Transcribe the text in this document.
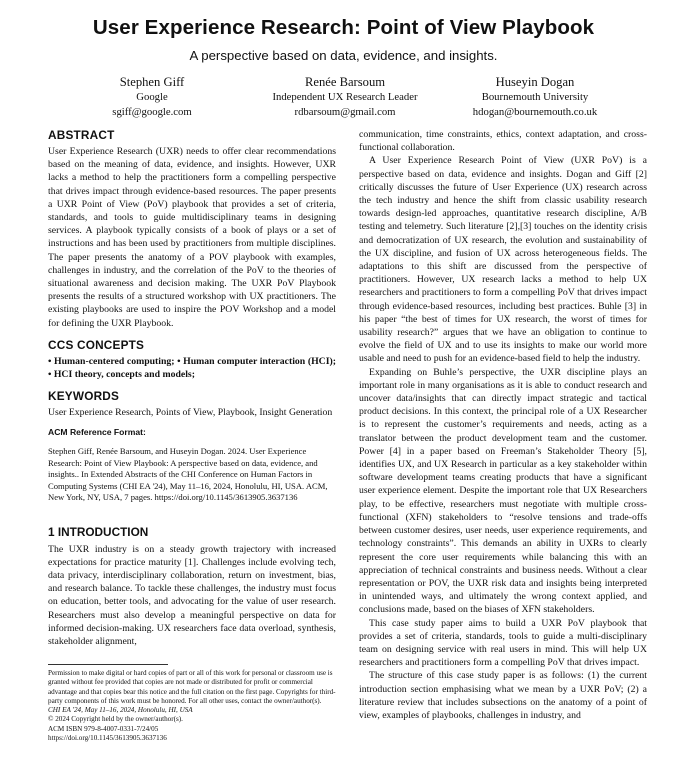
User Experience Research: Point of View Playbook
A perspective based on data, evidence, and insights.
Stephen Giff
Google
sgiff@google.com
Renée Barsoum
Independent UX Research Leader
rdbarsoum@gmail.com
Huseyin Dogan
Bournemouth University
hdogan@bournemouth.co.uk
ABSTRACT

User Experience Research (UXR) needs to offer clear recommendations based on the meaning of data, evidence, and insights. However, UXR lacks a method to help the practitioners form a compelling perspective that drives impact through evidence-based resources. The paper presents a UXR Point of View (PoV) playbook that provides a set of criteria, standards, and tools to guide multidisciplinary teams in designing services. A playbook typically consists of a book of plays or a set of instructions and has been used by practitioners from multiple disciplines. The paper presents the anatomy of a POV playbook with examples, challenges in industry, and the correlation of the PoV to the theories of situational awareness and decision making. The UXR PoV Playbook presents the results of a structured workshop with UX practitioners. The existing playbooks are used to inspire the POV Workshop and a model for defining the UXR Playbook.

CCS CONCEPTS

• Human-centered computing; • Human computer interaction (HCI); • HCI theory, concepts and models;

KEYWORDS

User Experience Research, Points of View, Playbook, Insight Generation

ACM Reference Format:

Stephen Giff, Renée Barsoum, and Huseyin Dogan. 2024. User Experience Research: Point of View Playbook: A perspective based on data, evidence, and insights.. In Extended Abstracts of the CHI Conference on Human Factors in Computing Systems (CHI EA '24), May 11–16, 2024, Honolulu, HI, USA. ACM, New York, NY, USA, 7 pages. https://doi.org/10.1145/3613905.3637136

1 INTRODUCTION

The UXR industry is on a steady growth trajectory with increased expectations for practice maturity [1]. Challenges include evolving tech, data privacy, interdisciplinary collaboration, return on investment, bias, and research balance. To tackle these challenges, the industry must focus on education, better tools, and advocating for the value of user research. Researchers must also develop a meaningful perspective on data for informed decision-making. UX researchers face data overload, synthesis, stakeholder alignment,

Permission to make digital or hard copies of part or all of this work for personal or classroom use is granted without fee provided that copies are not made or distributed for profit or commercial advantage and that copies bear this notice and the full citation on the first page. Copyrights for third-party components of this work must be honored. For all other uses, contact the owner/author(s).
CHI EA '24, May 11–16, 2024, Honolulu, HI, USA
© 2024 Copyright held by the owner/author(s).
ACM ISBN 979-8-4007-0331-7/24/05
https://doi.org/10.1145/3613905.3637136

communication, time constraints, ethics, context adaptation, and cross-functional collaboration.

A User Experience Research Point of View (UXR PoV) is a perspective based on data, evidence and insights. Dogan and Giff [2] critically discusses the future of User Experience (UX) research across the tech industry and hence the shift from classic usability research towards design-led approaches, quantitative research discipline, A/B testing and telemetry. Such literature [2],[3] touches on the identity crisis and democratization of UX research, the evolution and sustainability of the UX discipline, and fusion of UX across heterogeneous fields. The adaptations to this shift are discussed from the perspective of practitioners. However, UX research lacks a method to help UX researchers and practitioners to form a compelling PoV that drives impact through evidence-based resources, including best practices. Buhle [3] in his paper “the best of times for UX research, the worst of times for usability research?” argues that we have an obligation to continue to evolve the field of UX and to use its insights to make our world more usable and need to push for an evidence-based field to help the industry.

Expanding on Buhle’s perspective, the UXR discipline plays an important role in many organisations as it is able to conduct research and uncover data/insights that can directly impact strategic and tactical product decisions. In this context, the principal role of a UX Researcher is to represent the customer’s requirements and needs, acting as a translator between the product development team and the customer. Power [4] in a paper based on Freeman’s Stakeholder Theory [5], identifies UX, and UX Research in particular as a key stakeholder within software development teams creating products that have a significant user experience element. Despite the important role that UX Researchers play, to be effective, researchers must negotiate with multiple cross-functional (XFN) stakeholders to “resolve tensions and trade-offs between customer desires, user needs, user experience requirements, and technology constraints”. This demands an ability in UXRs to clearly represent the core user requirements while balancing this with an appreciation of technical constraints and business needs. Without a clear representation or POV, the UXR risk data and insights being interpreted in unintended ways, and ultimately the wrong context applied, and conclusions made, based on the biases of XFN stakeholders.

This case study paper aims to build a UXR PoV playbook that provides a set of criteria, standards, tools to guide a multi-disciplinary team on designing service with real users in mind. This will help UX researchers and practitioners form a compelling PoV that drives impact.

The structure of this case study paper is as follows: (1) the current introduction section emphasising what we mean by a UXR PoV; (2) a literature review that includes subsections on the anatomy of a point of view, examples of playbooks, challenges in industry, and
